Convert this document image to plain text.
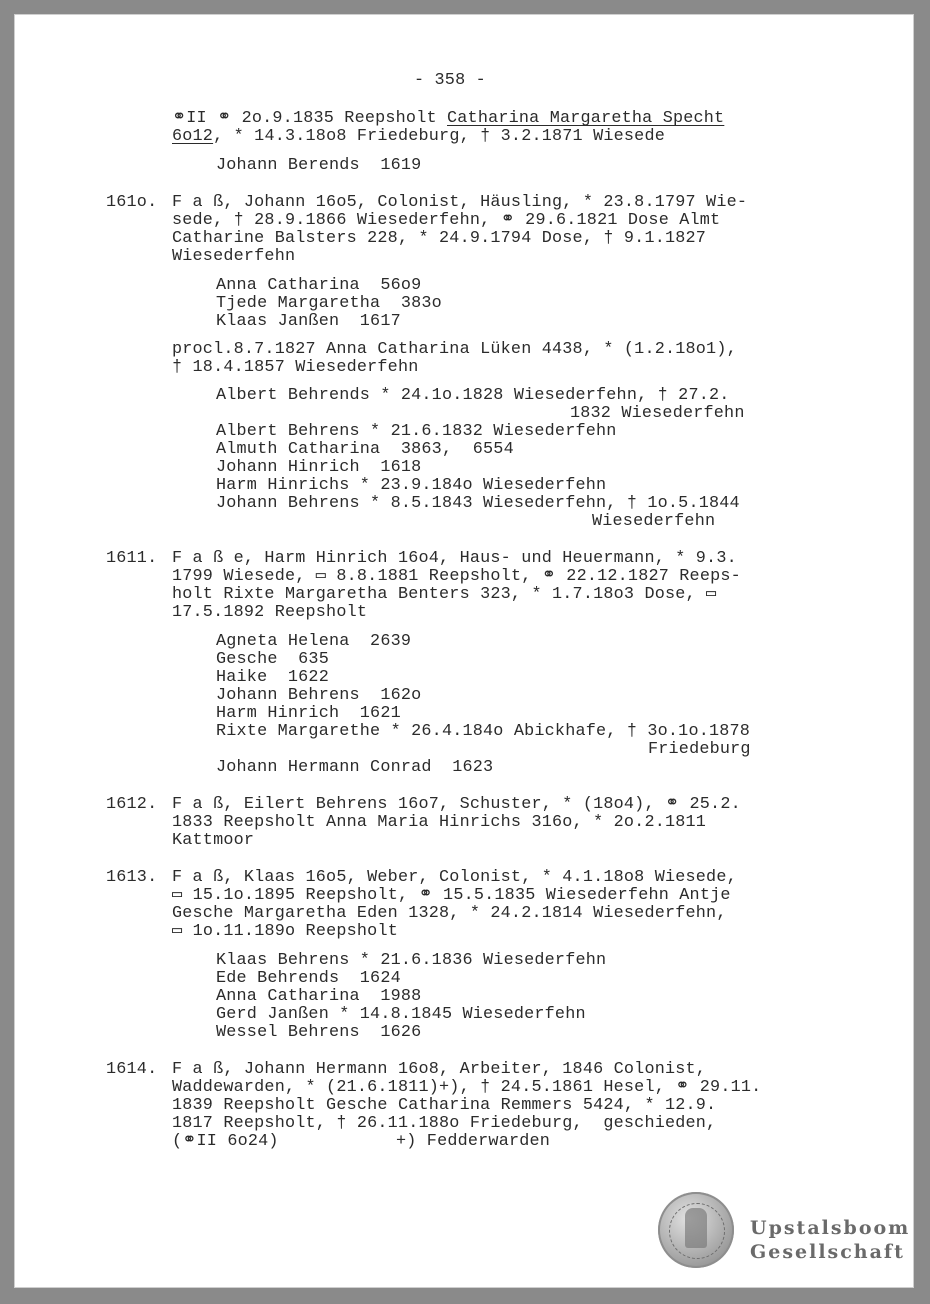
- 358 -
⚭II ⚭ 2o.9.1835 Reepsholt Catharina Margaretha Specht
6o12, * 14.3.18o8 Friedeburg, † 3.2.1871 Wiesede
Johann Berends  1619
161o. F a ß, Johann 16o5, Colonist, Häusling, * 23.8.1797 Wie-
sede, † 28.9.1866 Wiesederfehn, ⚭ 29.6.1821 Dose Almt
Catharine Balsters 228, * 24.9.1794 Dose, † 9.1.1827
Wiesederfehn
Anna Catharina  56o9
Tjede Margaretha  383o
Klaas Janßen  1617
procl.8.7.1827 Anna Catharina Lüken 4438, * (1.2.18o1),
† 18.4.1857 Wiesederfehn
Albert Behrends * 24.1o.1828 Wiesederfehn, † 27.2.
1832 Wiesederfehn
Albert Behrens * 21.6.1832 Wiesederfehn
Almuth Catharina  3863,  6554
Johann Hinrich  1618
Harm Hinrichs * 23.9.184o Wiesederfehn
Johann Behrens * 8.5.1843 Wiesederfehn, † 1o.5.1844
Wiesederfehn
1611. F a ß e, Harm Hinrich 16o4, Haus- und Heuermann, * 9.3.
1799 Wiesede, ▭ 8.8.1881 Reepsholt, ⚭ 22.12.1827 Reeps-
holt Rixte Margaretha Benters 323, * 1.7.18o3 Dose, ▭
17.5.1892 Reepsholt
Agneta Helena  2639
Gesche  635
Haike  1622
Johann Behrens  162o
Harm Hinrich  1621
Rixte Margarethe * 26.4.184o Abickhafe, † 3o.1o.1878
Friedeburg
Johann Hermann Conrad  1623
1612. F a ß, Eilert Behrens 16o7, Schuster, * (18o4), ⚭ 25.2.
1833 Reepsholt Anna Maria Hinrichs 316o, * 2o.2.1811
Kattmoor
1613. F a ß, Klaas 16o5, Weber, Colonist, * 4.1.18o8 Wiesede,
▭ 15.1o.1895 Reepsholt, ⚭ 15.5.1835 Wiesederfehn Antje
Gesche Margaretha Eden 1328, * 24.2.1814 Wiesederfehn,
▭ 1o.11.189o Reepsholt
Klaas Behrens * 21.6.1836 Wiesederfehn
Ede Behrends  1624
Anna Catharina  1988
Gerd Janßen * 14.8.1845 Wiesederfehn
Wessel Behrens  1626
1614. F a ß, Johann Hermann 16o8, Arbeiter, 1846 Colonist,
Waddewarden, * (21.6.1811)+), † 24.5.1861 Hesel, ⚭ 29.11.
1839 Reepsholt Gesche Catharina Remmers 5424, * 12.9.
1817 Reepsholt, † 26.11.188o Friedeburg,  geschieden,
(⚭II 6o24)	+) Fedderwarden
Upstalsboom
Gesellschaft
